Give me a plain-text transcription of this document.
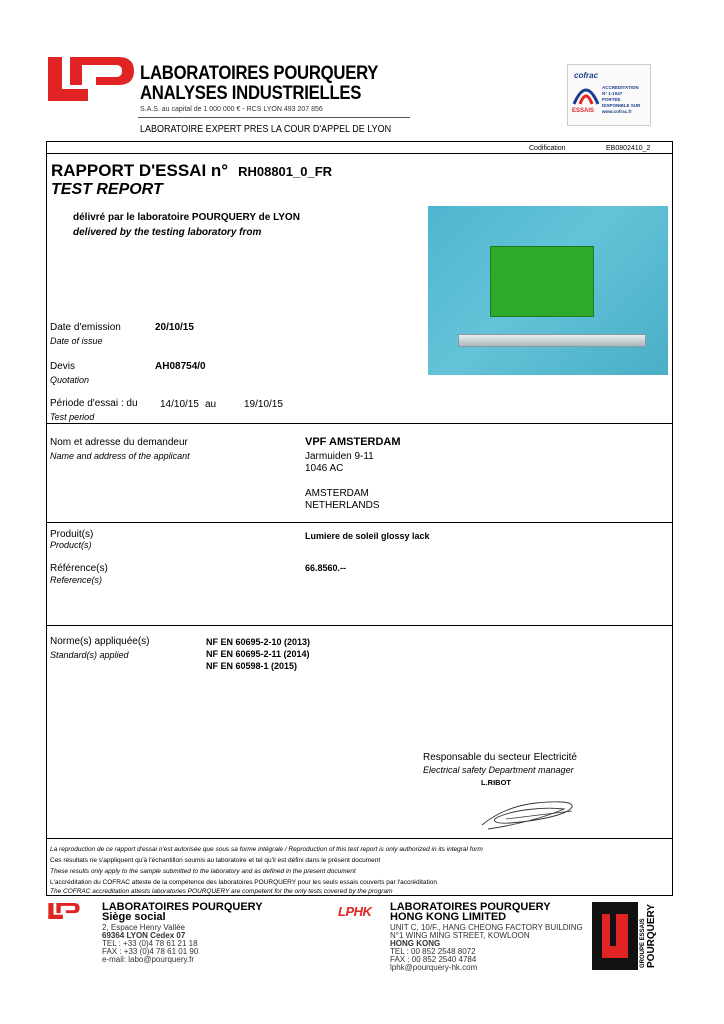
LABORATOIRES POURQUERY
ANALYSES INDUSTRIELLES
S.A.S. au capital de 1 000 000 € - RCS LYON 493 207 856
LABORATOIRE EXPERT PRES LA COUR D'APPEL DE LYON
cofrac
ESSAIS
ACCREDITATION
N° 1-1047
PORTÉE
DISPONIBLE SUR
www.cofrac.fr
Codification	EB0802410_2
RAPPORT D'ESSAI n° RH08801_0_FR
TEST REPORT
délivré par le laboratoire POURQUERY de LYON
delivered by the testing laboratory from
Date d'emission
Date of issue
20/10/15
Devis
Quotation
AH08754/0
Période d'essai : du
Test period
14/10/15 au	19/10/15
Nom et adresse du demandeur
Name and address of the applicant
VPF AMSTERDAM
Jarmuiden 9-11
1046 AC
AMSTERDAM
NETHERLANDS
Produit(s)
Product(s)
Lumiere de soleil glossy lack
Référence(s)
Reference(s)
66.8560.--
Norme(s) appliquée(s)
Standard(s) applied
NF EN 60695-2-10 (2013)
NF EN 60695-2-11 (2014)
NF EN 60598-1 (2015)
Responsable du secteur Electricité
Electrical safety Department manager
L.RIBOT
La reproduction de ce rapport d'essai n'est autorisée que sous sa forme intégrale / Reproduction of this test report is only authorized in its integral form
Ces résultats ne s'appliquent qu'à l'échantillon soumis au laboratoire et tel qu'il est défini dans le présent document
These results only apply to the sample submitted to the laboratory and as defined in the present document
L'accréditation du COFRAC atteste de la compétence des laboratoires POURQUERY pour les seuls essais couverts par l'accréditation
The COFRAC accreditation attests laboratories POURQUERY are competent for the only tests covered by the program
LABORATOIRES POURQUERY
Siège social
2, Espace Henry Vallée
69364 LYON Cedex 07
TEL : +33 (0)4 78 61 21 18
FAX : +33 (0)4 78 61 01 90
e-mail: labo@pourquery.fr
LPHK LABORATOIRES POURQUERY
HONG KONG LIMITED
UNIT C, 10/F., HANG CHEONG FACTORY BUILDING
N°1 WING MING STREET, KOWLOON
HONG KONG
TEL : 00 852 2548 8072
FAX : 00 852 2540 4784
lphk@pourquery-hk.com	GROUPE ESSAIS POURQUERY
